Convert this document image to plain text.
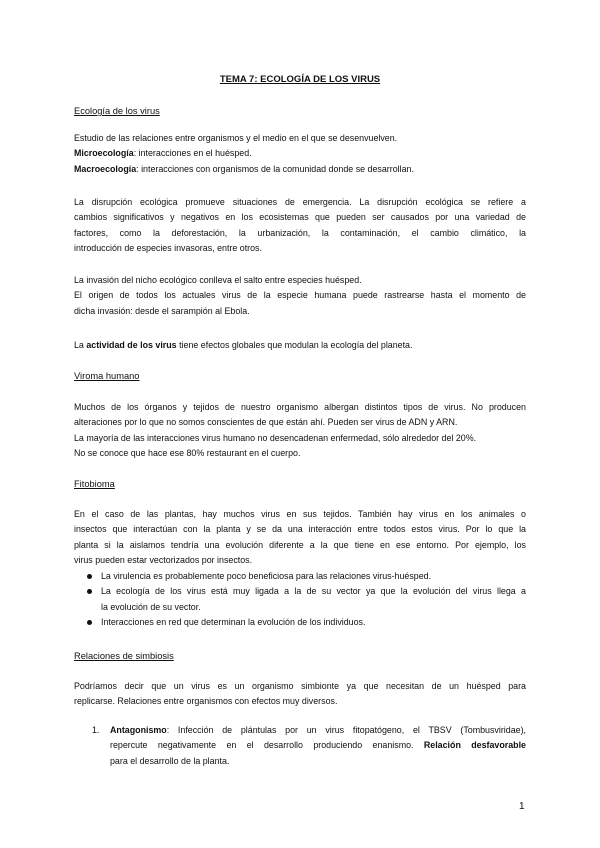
TEMA 7: ECOLOGÍA DE LOS VIRUS
Ecología de los virus
Estudio de las relaciones entre organismos y el medio en el que se desenvuelven.
Microecología: interacciones en el huésped.
Macroecología: interacciones con organismos de la comunidad donde se desarrollan.
La disrupción ecológica promueve situaciones de emergencia. La disrupción ecológica se refiere a
cambios significativos y negativos en los ecosistemas que pueden ser causados por una variedad de
factores, como la deforestación, la urbanización, la contaminación, el cambio climático, la
introducción de especies invasoras, entre otros.
La invasión del nicho ecológico conlleva el salto entre especies huésped.
El origen de todos los actuales virus de la especie humana puede rastrearse hasta el momento de
dicha invasión: desde el sarampión al Ebola.
La actividad de los virus tiene efectos globales que modulan la ecología del planeta.
Viroma humano
Muchos de los órganos y tejidos de nuestro organismo albergan distintos tipos de virus. No producen
alteraciones por lo que no somos conscientes de que están ahí. Pueden ser virus de ADN y ARN.
La mayoría de las interacciones virus humano no desencadenan enfermedad, sólo alrededor del 20%.
No se conoce que hace ese 80% restaurant en el cuerpo.
Fitobioma
En el caso de las plantas, hay muchos virus en sus tejidos. También hay virus en los animales o
insectos que interactúan con la planta y se da una interacción entre todos estos virus. Por lo que la
planta si la aislamos tendría una evolución diferente a la que tiene en ese entorno. Por ejemplo, los
virus pueden estar vectorizados por insectos.
La virulencia es probablemente poco beneficiosa para las relaciones virus-huésped.
La ecología de los virus está muy ligada a la de su vector ya que la evolución del virus llega a
la evolución de su vector.
Interacciones en red que determinan la evolución de los individuos.
Relaciones de simbiosis
Podríamos decir que un virus es un organismo simbionte ya que necesitan de un huésped para
replicarse. Relaciones entre organismos con efectos muy diversos.
1. Antagonismo: Infección de plántulas por un virus fitopatógeno, el TBSV (Tombusviridae),
repercute negativamente en el desarrollo produciendo enanismo. Relación desfavorable
para el desarrollo de la planta.
1
